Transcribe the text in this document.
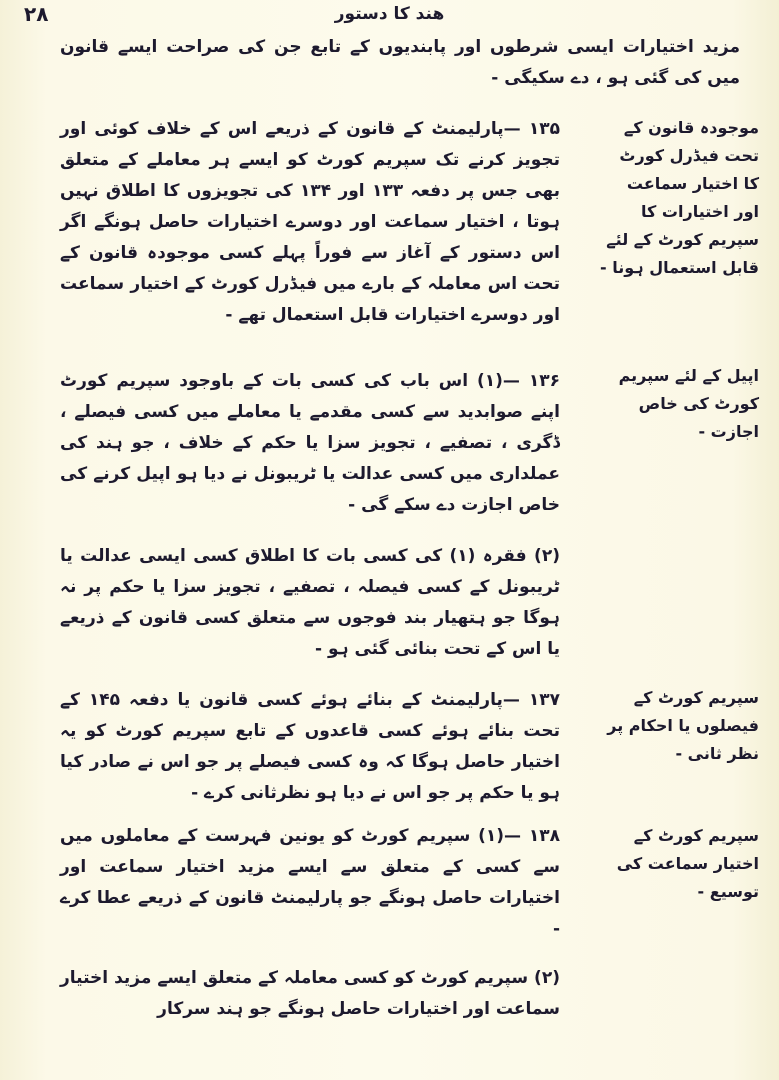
۲۸	هند کا دستور

مزید اختیارات ایسی شرطوں اور پابندیوں کے تابع جن کی صراحت ایسے قانون میں کی گئی ہو ، دے سکیگی -

۱۳۵ —پارلیمنٹ کے قانون کے ذریعے اس کے خلاف کوئی اور تجویز کرنے تک سپریم کورٹ کو ایسے ہر معاملے کے متعلق بھی جس پر دفعہ ۱۳۳ اور ۱۳۴ کی تجویزوں کا اطلاق نہیں ہوتا ، اختیار سماعت اور دوسرے اختیارات حاصل ہونگے اگر اس دستور کے آغاز سے فوراً پہلے کسی موجودہ قانون کے تحت اس معاملہ کے بارے میں فیڈرل کورٹ کے اختیار سماعت اور دوسرے اختیارات قابل استعمال تھے -

موجودہ قانون کے تحت فیڈرل کورٹ کا اختیار سماعت اور اختیارات کا سپریم کورٹ کے لئے قابل استعمال ہونا -

۱۳۶ —(۱) اس باب کی کسی بات کے باوجود سپریم کورٹ اپنے صوابدید سے کسی مقدمے یا معاملے میں کسی فیصلے ، ڈگری ، تصفیے ، تجویز سزا یا حکم کے خلاف ، جو ہند کی عملداری میں کسی عدالت یا ٹریبونل نے دیا ہو اپیل کرنے کی خاص اجازت دے سکے گی -

اپیل کے لئے سپریم کورٹ کی خاص اجازت -

(۲) فقرہ (۱) کی کسی بات کا اطلاق کسی ایسی عدالت یا ٹریبونل کے کسی فیصلہ ، تصفیے ، تجویز سزا یا حکم پر نہ ہوگا جو ہتھیار بند فوجوں سے متعلق کسی قانون کے ذریعے یا اس کے تحت بنائی گئی ہو -

۱۳۷ —پارلیمنٹ کے بنائے ہوئے کسی قانون یا دفعہ ۱۴۵ کے تحت بنائے ہوئے کسی قاعدوں کے تابع سپریم کورٹ کو یہ اختیار حاصل ہوگا کہ وہ کسی فیصلے پر جو اس نے صادر کیا ہو یا حکم پر جو اس نے دیا ہو نظرثانی کرے -

سپریم کورٹ کے فیصلوں یا احکام پر نظر ثانی -

۱۳۸ —(۱) سپریم کورٹ کو یونین فہرست کے معاملوں میں سے کسی کے متعلق سے ایسے مزید اختیار سماعت اور اختیارات حاصل ہونگے جو پارلیمنٹ قانون کے ذریعے عطا کرے -

سپریم کورٹ کے اختیار سماعت کی توسیع -

(۲) سپریم کورٹ کو کسی معاملہ کے متعلق ایسے مزید اختیار سماعت اور اختیارات حاصل ہونگے جو ہند سرکار
